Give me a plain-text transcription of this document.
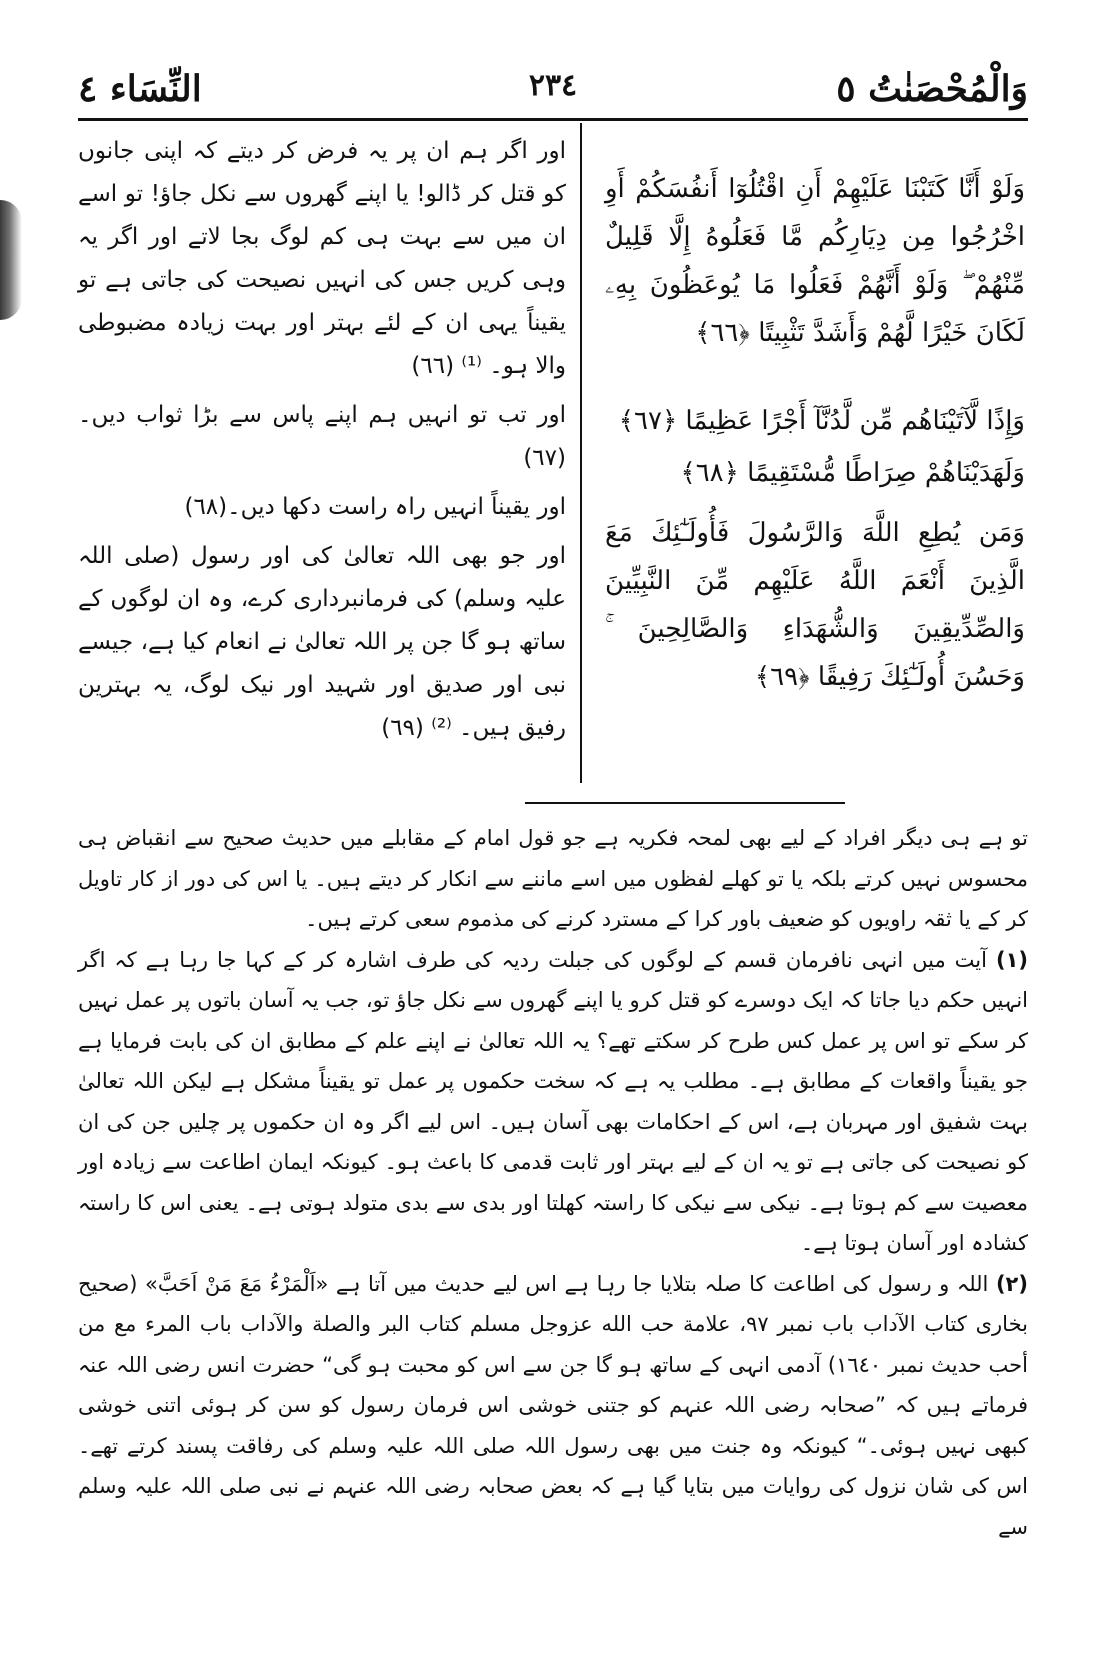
النِّسَاء ٤	٢٣٤	وَالْمُحْصَنٰتُ ٥

وَلَوْ أَنَّا كَتَبْنَا عَلَيْهِمْ أَنِ اقْتُلُوٓا أَنفُسَكُمْ أَوِ اخْرُجُوا مِن دِيَارِكُم مَّا فَعَلُوهُ إِلَّا قَلِيلٌ مِّنْهُمْ ۖ وَلَوْ أَنَّهُمْ فَعَلُوا مَا يُوعَظُونَ بِهِۦ لَكَانَ خَيْرًا لَّهُمْ وَأَشَدَّ تَثْبِيتًا ﴿٦٦﴾

وَإِذًا لَّآتَيْنَاهُم مِّن لَّدُنَّآ أَجْرًا عَظِيمًا ﴿٦٧﴾

وَلَهَدَيْنَاهُمْ صِرَاطًا مُّسْتَقِيمًا ﴿٦٨﴾

وَمَن يُطِعِ اللَّهَ وَالرَّسُولَ فَأُولَـٰٓئِكَ مَعَ الَّذِينَ أَنْعَمَ اللَّهُ عَلَيْهِم مِّنَ النَّبِيِّينَ وَالصِّدِّيقِينَ وَالشُّهَدَاءِ وَالصَّالِحِينَ ۚ وَحَسُنَ أُولَـٰٓئِكَ رَفِيقًا ﴿٦٩﴾

اور اگر ہم ان پر یہ فرض کر دیتے کہ اپنی جانوں کو قتل کر ڈالو! یا اپنے گھروں سے نکل جاؤ! تو اسے ان میں سے بہت ہی کم لوگ بجا لاتے اور اگر یہ وہی کریں جس کی انہیں نصیحت کی جاتی ہے تو یقیناً یہی ان کے لئے بہتر اور بہت زیادہ مضبوطی والا ہو۔ ⁽¹⁾ (٦٦)

اور تب تو انہیں ہم اپنے پاس سے بڑا ثواب دیں۔(٦٧)

اور یقیناً انہیں راہ راست دکھا دیں۔(٦٨)

اور جو بھی اللہ تعالیٰ کی اور رسول (صلی اللہ علیہ وسلم) کی فرمانبرداری کرے، وہ ان لوگوں کے ساتھ ہو گا جن پر اللہ تعالیٰ نے انعام کیا ہے، جیسے نبی اور صدیق اور شہید اور نیک لوگ، یہ بہترین رفیق ہیں۔ ⁽²⁾ (٦٩)

تو ہے ہی دیگر افراد کے لیے بھی لمحہ فکریہ ہے جو قول امام کے مقابلے میں حدیث صحیح سے انقباض ہی محسوس نہیں کرتے بلکہ یا تو کھلے لفظوں میں اسے ماننے سے انکار کر دیتے ہیں۔ یا اس کی دور از کار تاویل کر کے یا ثقہ راویوں کو ضعیف باور کرا کے مسترد کرنے کی مذموم سعی کرتے ہیں۔

(۱) آیت میں انہی نافرمان قسم کے لوگوں کی جبلت ردیہ کی طرف اشارہ کر کے کہا جا رہا ہے کہ اگر انہیں حکم دیا جاتا کہ ایک دوسرے کو قتل کرو یا اپنے گھروں سے نکل جاؤ تو، جب یہ آسان باتوں پر عمل نہیں کر سکے تو اس پر عمل کس طرح کر سکتے تھے؟ یہ اللہ تعالیٰ نے اپنے علم کے مطابق ان کی بابت فرمایا ہے جو یقیناً واقعات کے مطابق ہے۔ مطلب یہ ہے کہ سخت حکموں پر عمل تو یقیناً مشکل ہے لیکن اللہ تعالیٰ بہت شفیق اور مہربان ہے، اس کے احکامات بھی آسان ہیں۔ اس لیے اگر وہ ان حکموں پر چلیں جن کی ان کو نصیحت کی جاتی ہے تو یہ ان کے لیے بہتر اور ثابت قدمی کا باعث ہو۔ کیونکہ ایمان اطاعت سے زیادہ اور معصیت سے کم ہوتا ہے۔ نیکی سے نیکی کا راستہ کھلتا اور بدی سے بدی متولد ہوتی ہے۔ یعنی اس کا راستہ کشادہ اور آسان ہوتا ہے۔

(۲) اللہ و رسول کی اطاعت کا صلہ بتلایا جا رہا ہے اس لیے حدیث میں آتا ہے «اَلْمَرْءُ مَعَ مَنْ اَحَبَّ» (صحیح بخاری كتاب الآداب باب نمبر ٩٧، علامة حب الله عزوجل مسلم كتاب البر والصلة والآداب باب المرء مع من أحب حديث نمبر ١٦٤٠) آدمی انہی کے ساتھ ہو گا جن سے اس کو محبت ہو گی“ حضرت انس رضی اللہ عنہ فرماتے ہیں کہ ”صحابہ رضی اللہ عنہم کو جتنی خوشی اس فرمان رسول کو سن کر ہوئی اتنی خوشی کبھی نہیں ہوئی۔“ کیونکہ وہ جنت میں بھی رسول اللہ صلی اللہ علیہ وسلم کی رفاقت پسند کرتے تھے۔ اس کی شان نزول کی روایات میں بتایا گیا ہے کہ بعض صحابہ رضی اللہ عنہم نے نبی صلی اللہ علیہ وسلم سے
